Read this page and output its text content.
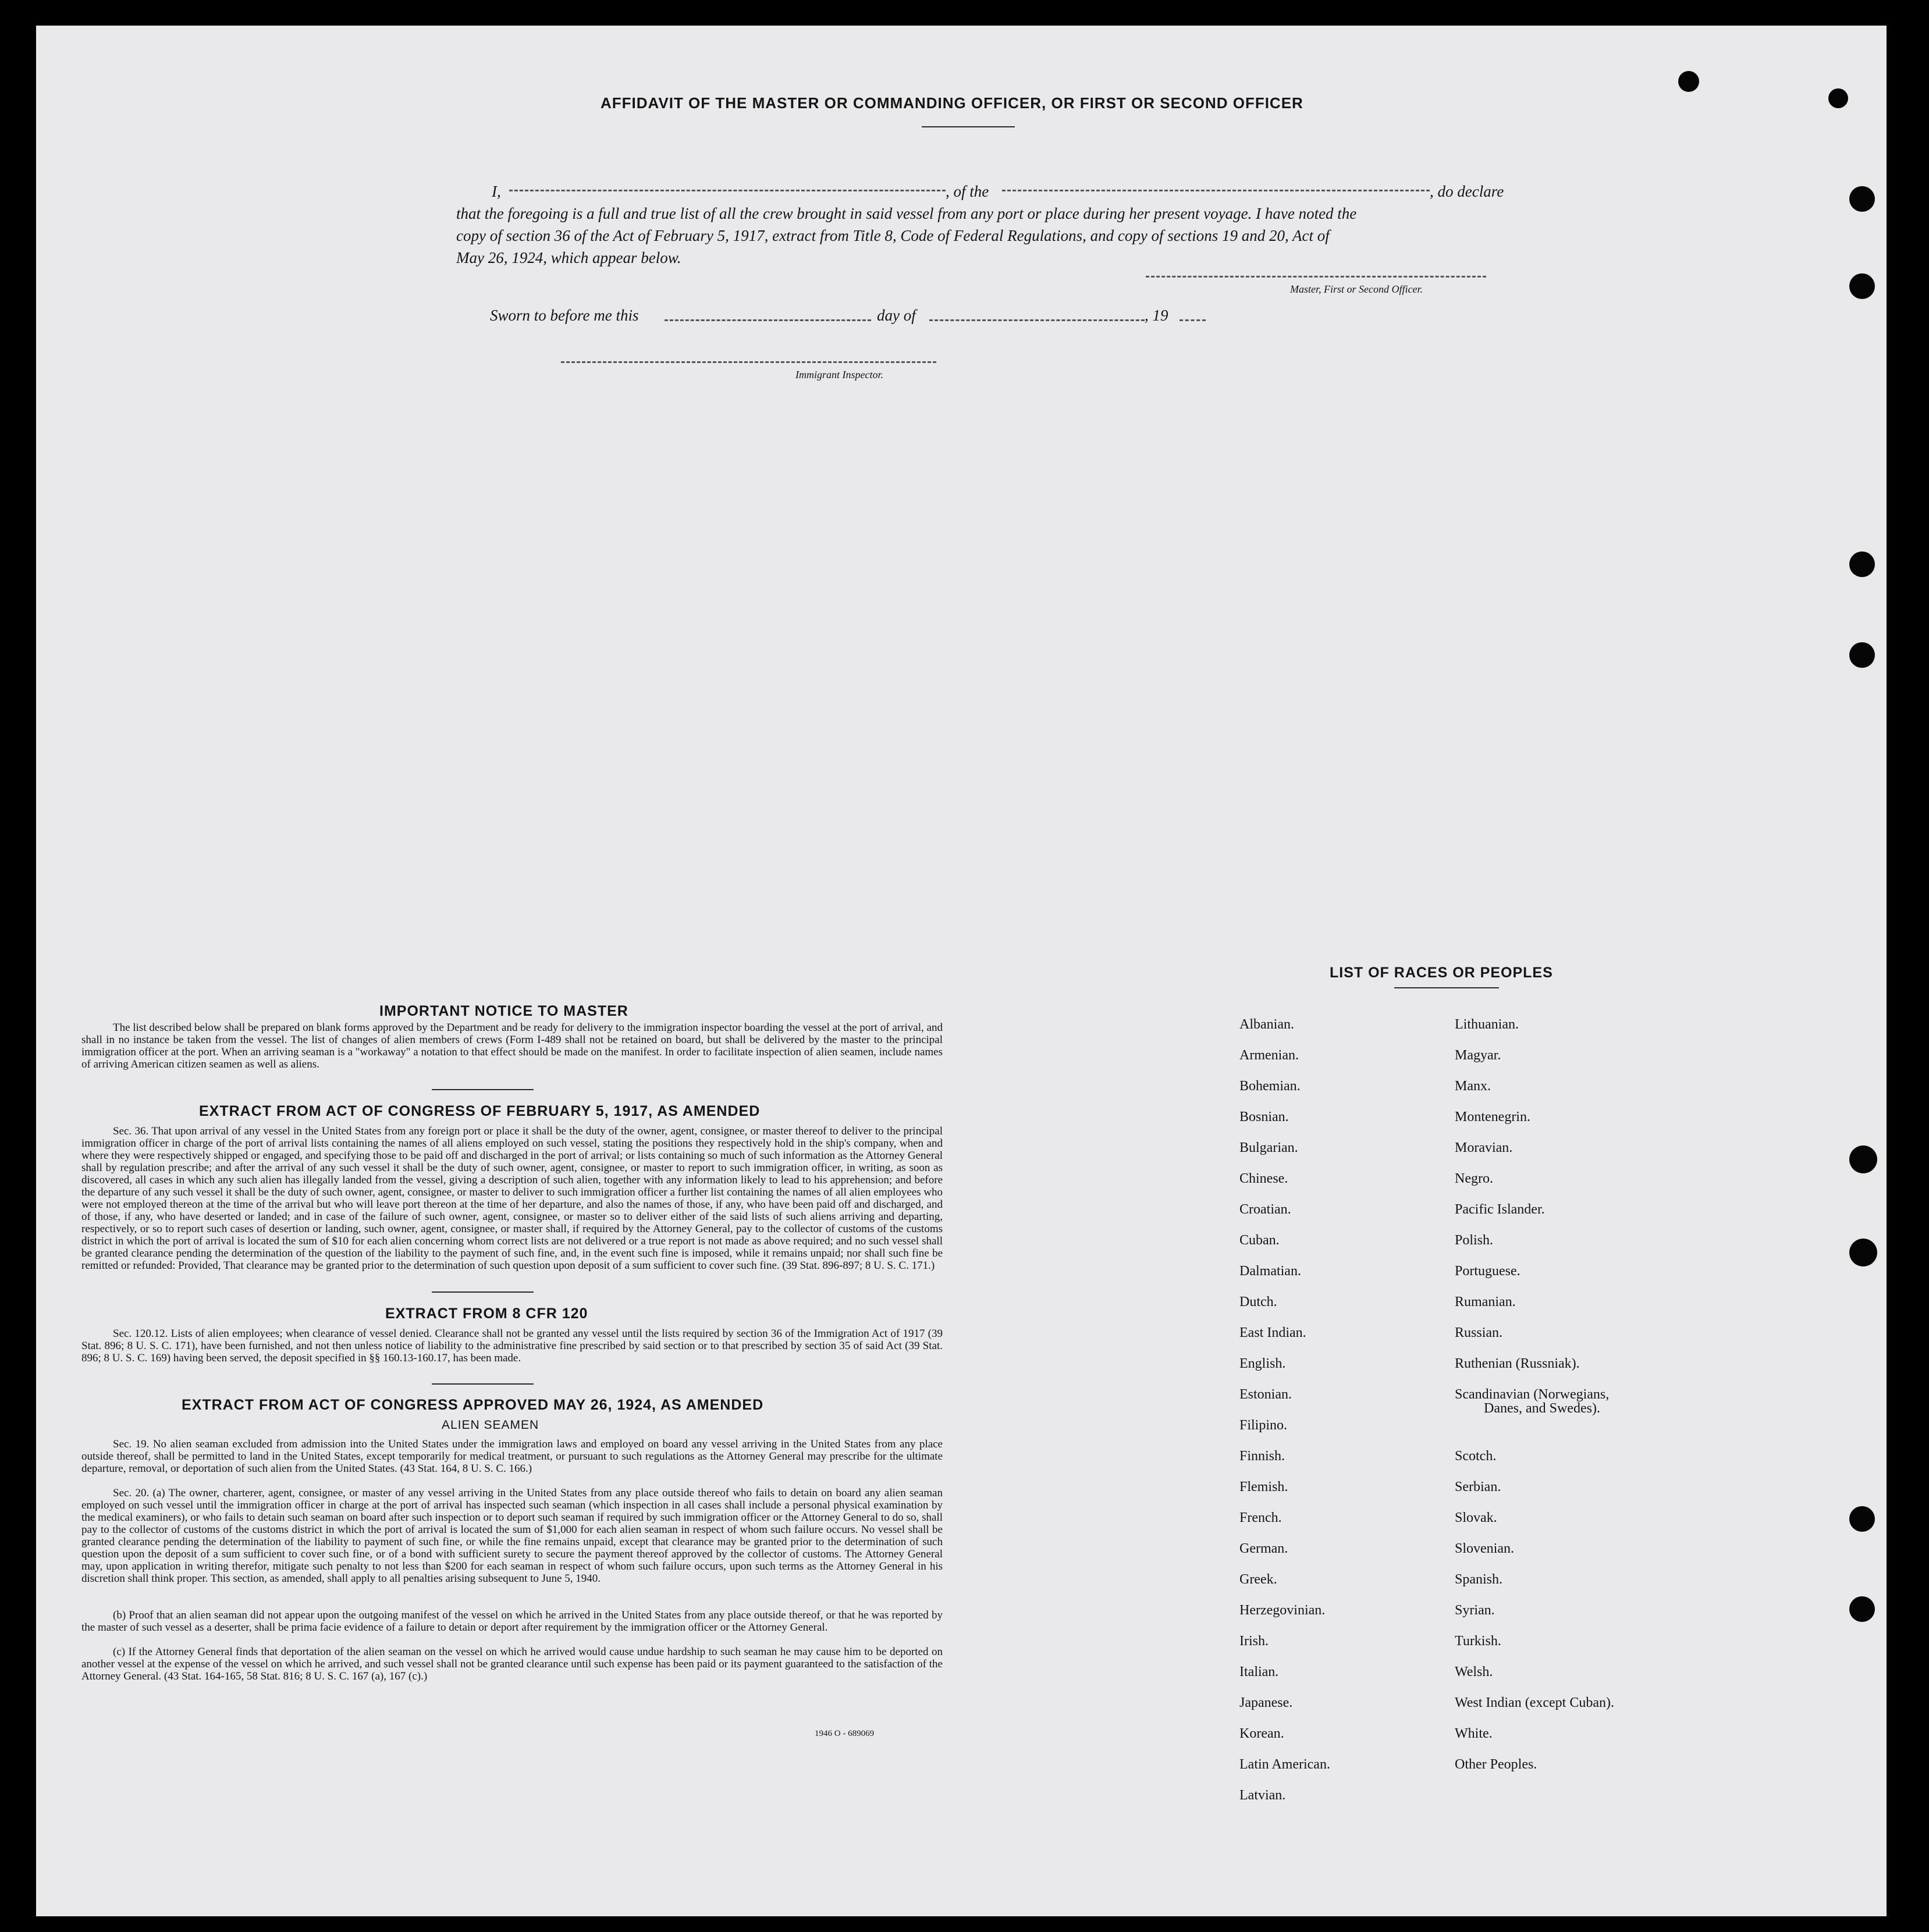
AFFIDAVIT OF THE MASTER OR COMMANDING OFFICER, OR FIRST OR SECOND OFFICER
I,	, of the	, do declare
that the foregoing is a full and true list of all the crew brought in said vessel from any port or place during her present voyage. I have noted the
copy of section 36 of the Act of February 5, 1917, extract from Title 8, Code of Federal Regulations, and copy of sections 19 and 20, Act of
May 26, 1924, which appear below.
Master, First or Second Officer.
Sworn to before me this	day of	, 19
Immigrant Inspector.
IMPORTANT NOTICE TO MASTER
The list described below shall be prepared on blank forms approved by the Department and be ready for delivery to the immigration inspector boarding the vessel at the port of arrival, and shall in no instance be taken from the vessel. The list of changes of alien members of crews (Form I-489 shall not be retained on board, but shall be delivered by the master to the principal immigration officer at the port. When an arriving seaman is a "workaway" a notation to that effect should be made on the manifest. In order to facilitate inspection of alien seamen, include names of arriving American citizen seamen as well as aliens.
EXTRACT FROM ACT OF CONGRESS OF FEBRUARY 5, 1917, AS AMENDED
Sec. 36. That upon arrival of any vessel in the United States from any foreign port or place it shall be the duty of the owner, agent, consignee, or master thereof to deliver to the principal immigration officer in charge of the port of arrival lists containing the names of all aliens employed on such vessel, stating the positions they respectively hold in the ship's company, when and where they were respectively shipped or engaged, and specifying those to be paid off and discharged in the port of arrival; or lists containing so much of such information as the Attorney General shall by regulation prescribe; and after the arrival of any such vessel it shall be the duty of such owner, agent, consignee, or master to report to such immigration officer, in writing, as soon as discovered, all cases in which any such alien has illegally landed from the vessel, giving a description of such alien, together with any information likely to lead to his apprehension; and before the departure of any such vessel it shall be the duty of such owner, agent, consignee, or master to deliver to such immigration officer a further list containing the names of all alien employees who were not employed thereon at the time of the arrival but who will leave port thereon at the time of her departure, and also the names of those, if any, who have been paid off and discharged, and of those, if any, who have deserted or landed; and in case of the failure of such owner, agent, consignee, or master so to deliver either of the said lists of such aliens arriving and departing, respectively, or so to report such cases of desertion or landing, such owner, agent, consignee, or master shall, if required by the Attorney General, pay to the collector of customs of the customs district in which the port of arrival is located the sum of $10 for each alien concerning whom correct lists are not delivered or a true report is not made as above required; and no such vessel shall be granted clearance pending the determination of the question of the liability to the payment of such fine, and, in the event such fine is imposed, while it remains unpaid; nor shall such fine be remitted or refunded: Provided, That clearance may be granted prior to the determination of such question upon deposit of a sum sufficient to cover such fine. (39 Stat. 896-897; 8 U. S. C. 171.)
EXTRACT FROM 8 CFR 120
Sec. 120.12. Lists of alien employees; when clearance of vessel denied. Clearance shall not be granted any vessel until the lists required by section 36 of the Immigration Act of 1917 (39 Stat. 896; 8 U. S. C. 171), have been furnished, and not then unless notice of liability to the administrative fine prescribed by said section or to that prescribed by section 35 of said Act (39 Stat. 896; 8 U. S. C. 169) having been served, the deposit specified in §§ 160.13-160.17, has been made.
EXTRACT FROM ACT OF CONGRESS APPROVED MAY 26, 1924, AS AMENDED
ALIEN SEAMEN
Sec. 19. No alien seaman excluded from admission into the United States under the immigration laws and employed on board any vessel arriving in the United States from any place outside thereof, shall be permitted to land in the United States, except temporarily for medical treatment, or pursuant to such regulations as the Attorney General may prescribe for the ultimate departure, removal, or deportation of such alien from the United States. (43 Stat. 164, 8 U. S. C. 166.)
Sec. 20. (a) The owner, charterer, agent, consignee, or master of any vessel arriving in the United States from any place outside thereof who fails to detain on board any alien seaman employed on such vessel until the immigration officer in charge at the port of arrival has inspected such seaman (which inspection in all cases shall include a personal physical examination by the medical examiners), or who fails to detain such seaman on board after such inspection or to deport such seaman if required by such immigration officer or the Attorney General to do so, shall pay to the collector of customs of the customs district in which the port of arrival is located the sum of $1,000 for each alien seaman in respect of whom such failure occurs. No vessel shall be granted clearance pending the determination of the liability to payment of such fine, or while the fine remains unpaid, except that clearance may be granted prior to the determination of such question upon the deposit of a sum sufficient to cover such fine, or of a bond with sufficient surety to secure the payment thereof approved by the collector of customs. The Attorney General may, upon application in writing therefor, mitigate such penalty to not less than $200 for each seaman in respect of whom such failure occurs, upon such terms as the Attorney General in his discretion shall think proper. This section, as amended, shall apply to all penalties arising subsequent to June 5, 1940.
(b) Proof that an alien seaman did not appear upon the outgoing manifest of the vessel on which he arrived in the United States from any place outside thereof, or that he was reported by the master of such vessel as a deserter, shall be prima facie evidence of a failure to detain or deport after requirement by the immigration officer or the Attorney General.
(c) If the Attorney General finds that deportation of the alien seaman on the vessel on which he arrived would cause undue hardship to such seaman he may cause him to be deported on another vessel at the expense of the vessel on which he arrived, and such vessel shall not be granted clearance until such expense has been paid or its payment guaranteed to the satisfaction of the Attorney General. (43 Stat. 164-165, 58 Stat. 816; 8 U. S. C. 167 (a), 167 (c).)
1946 O - 689069
LIST OF RACES OR PEOPLES
Albanian.
Armenian.
Bohemian.
Bosnian.
Bulgarian.
Chinese.
Croatian.
Cuban.
Dalmatian.
Dutch.
East Indian.
English.
Estonian.
Filipino.
Finnish.
Flemish.
French.
German.
Greek.
Herzegovinian.
Irish.
Italian.
Japanese.
Korean.
Latin American.
Latvian.
Lithuanian.
Magyar.
Manx.
Montenegrin.
Moravian.
Negro.
Pacific Islander.
Polish.
Portuguese.
Rumanian.
Russian.
Ruthenian (Russniak).
Scandinavian (Norwegians,
Danes, and Swedes).
Scotch.
Serbian.
Slovak.
Slovenian.
Spanish.
Syrian.
Turkish.
Welsh.
West Indian (except Cuban).
White.
Other Peoples.
